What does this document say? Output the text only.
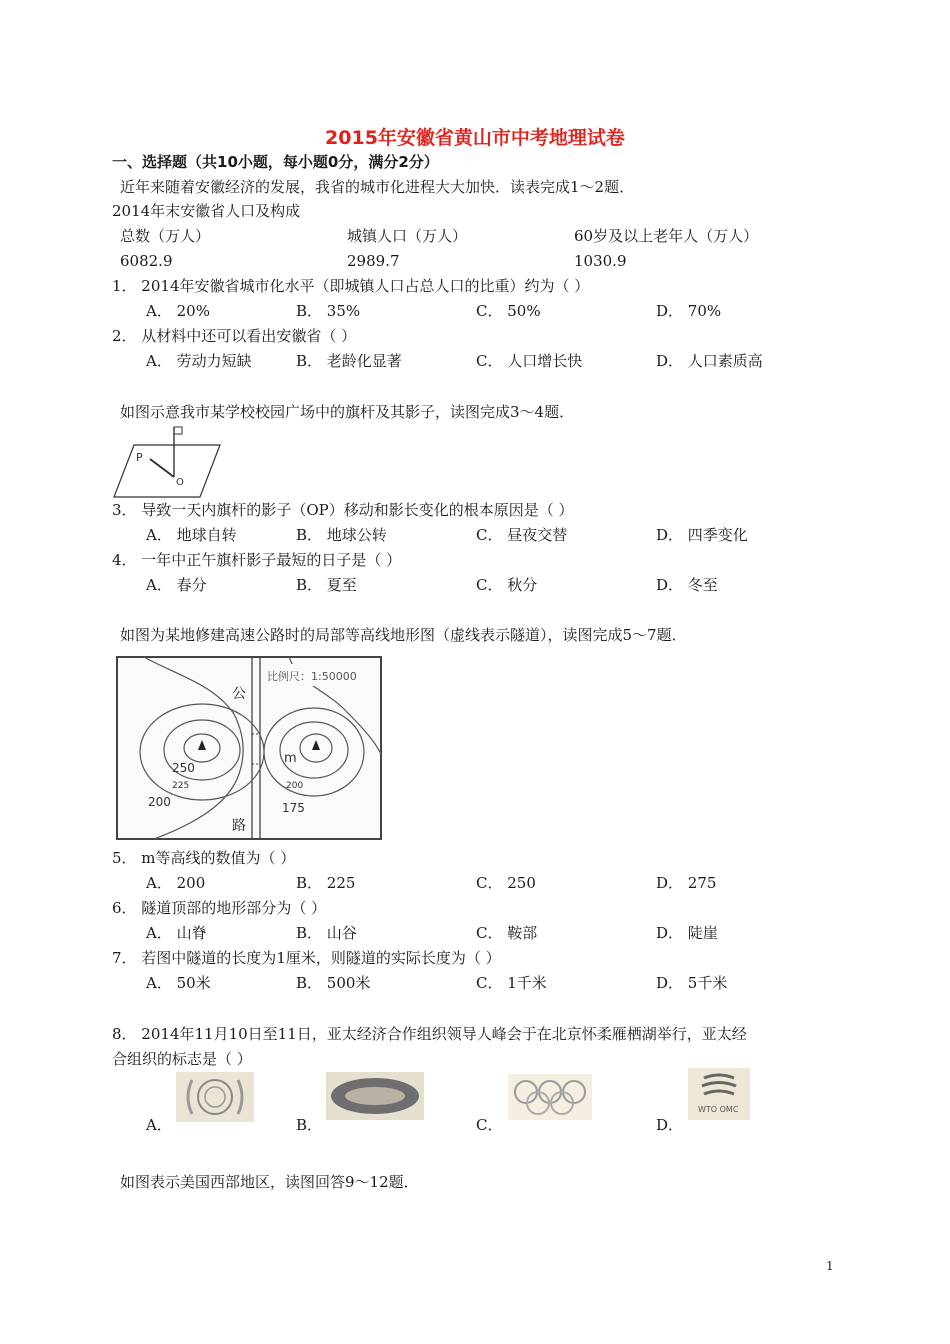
2015年安徽省黄山市中考地理试卷
一、选择题（共10小题，每小题0分，满分2分）
近年来随着安徽经济的发展，我省的城市化进程大大加快．读表完成1～2题．
2014年末安徽省人口及构成
总数（万人）	城镇人口（万人）	60岁及以上老年人（万人）
6082.9	2989.7	1030.9
1． 2014年安徽省城市化水平（即城镇人口占总人口的比重）约为（ ）
A． 20%	B． 35%	C． 50%	D． 70%
2． 从材料中还可以看出安徽省（ ）
A． 劳动力短缺	B． 老龄化显著	C． 人口增长快	D． 人口素质高
如图示意我市某学校校园广场中的旗杆及其影子，读图完成3～4题．
P
O
3． 导致一天内旗杆的影子（OP）移动和影长变化的根本原因是（ ）
A． 地球自转	B． 地球公转	C． 昼夜交替	D． 四季变化
4． 一年中正午旗杆影子最短的日子是（ ）
A． 春分	B． 夏至	C． 秋分	D． 冬至
如图为某地修建高速公路时的局部等高线地形图（虚线表示隧道），读图完成5～7题．
比例尺：1:50000
公
路
250
225
200
m
200
175
5． m等高线的数值为（ ）
A． 200	B． 225	C． 250	D． 275
6． 隧道顶部的地形部分为（ ）
A． 山脊	B． 山谷	C． 鞍部	D． 陡崖
7． 若图中隧道的长度为1厘米，则隧道的实际长度为（ ）
A． 50米	B． 500米	C． 1千米	D． 5千米
8． 2014年11月10日至11日，亚太经济合作组织领导人峰会于在北京怀柔雁栖湖举行，亚太经
合组织的标志是（ ）
WTO OMC
A．	B．	C．	D．
如图表示美国西部地区，读图回答9～12题．
1
